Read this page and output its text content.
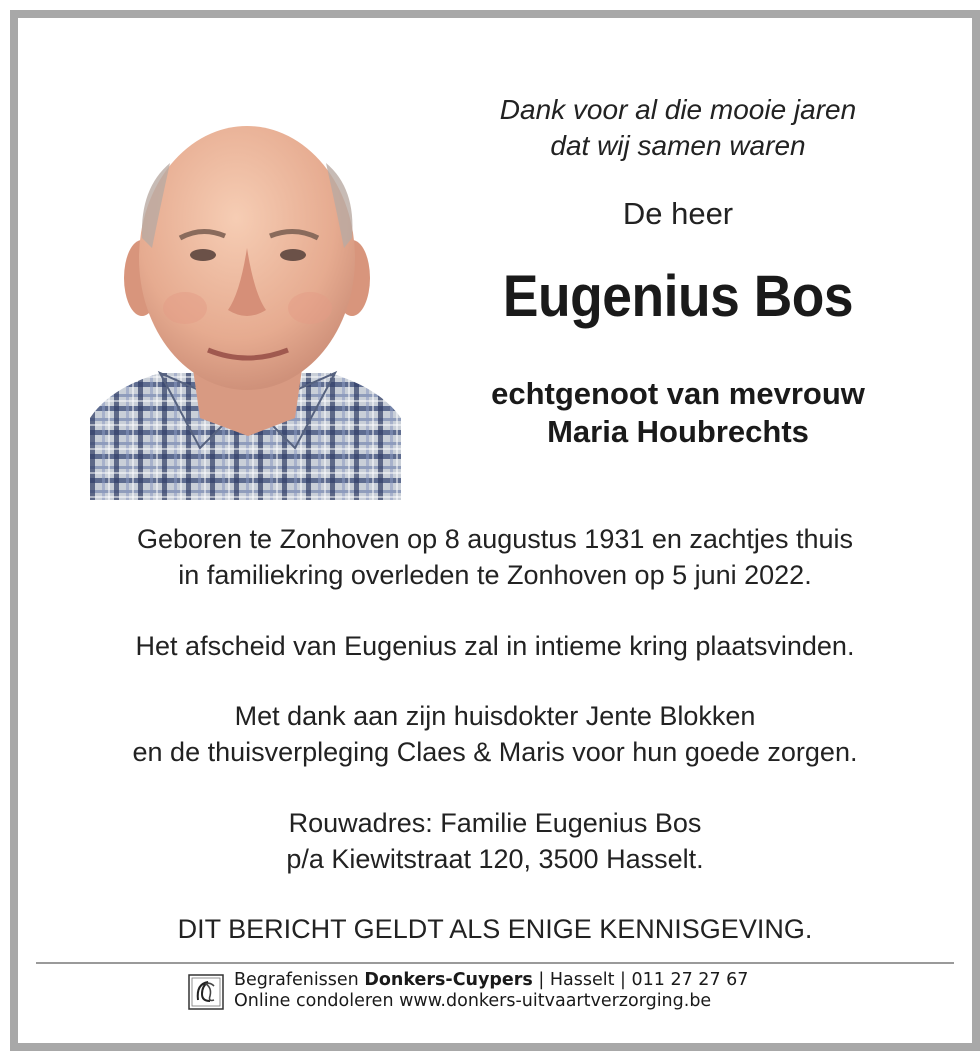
Dank voor al die mooie jaren
dat wij samen waren
De heer
Eugenius Bos
echtgenoot van mevrouw
Maria Houbrechts
Geboren te Zonhoven op 8 augustus 1931 en zachtjes thuis
in familiekring overleden te Zonhoven op 5 juni 2022.
Het afscheid van Eugenius zal in intieme kring plaatsvinden.
Met dank aan zijn huisdokter Jente Blokken
en de thuisverpleging Claes & Maris voor hun goede zorgen.
Rouwadres: Familie Eugenius Bos
p/a Kiewitstraat 120, 3500 Hasselt.
DIT BERICHT GELDT ALS ENIGE KENNISGEVING.
Begrafenissen Donkers-Cuypers | Hasselt | 011 27 27 67
Online condoleren www.donkers-uitvaartverzorging.be
